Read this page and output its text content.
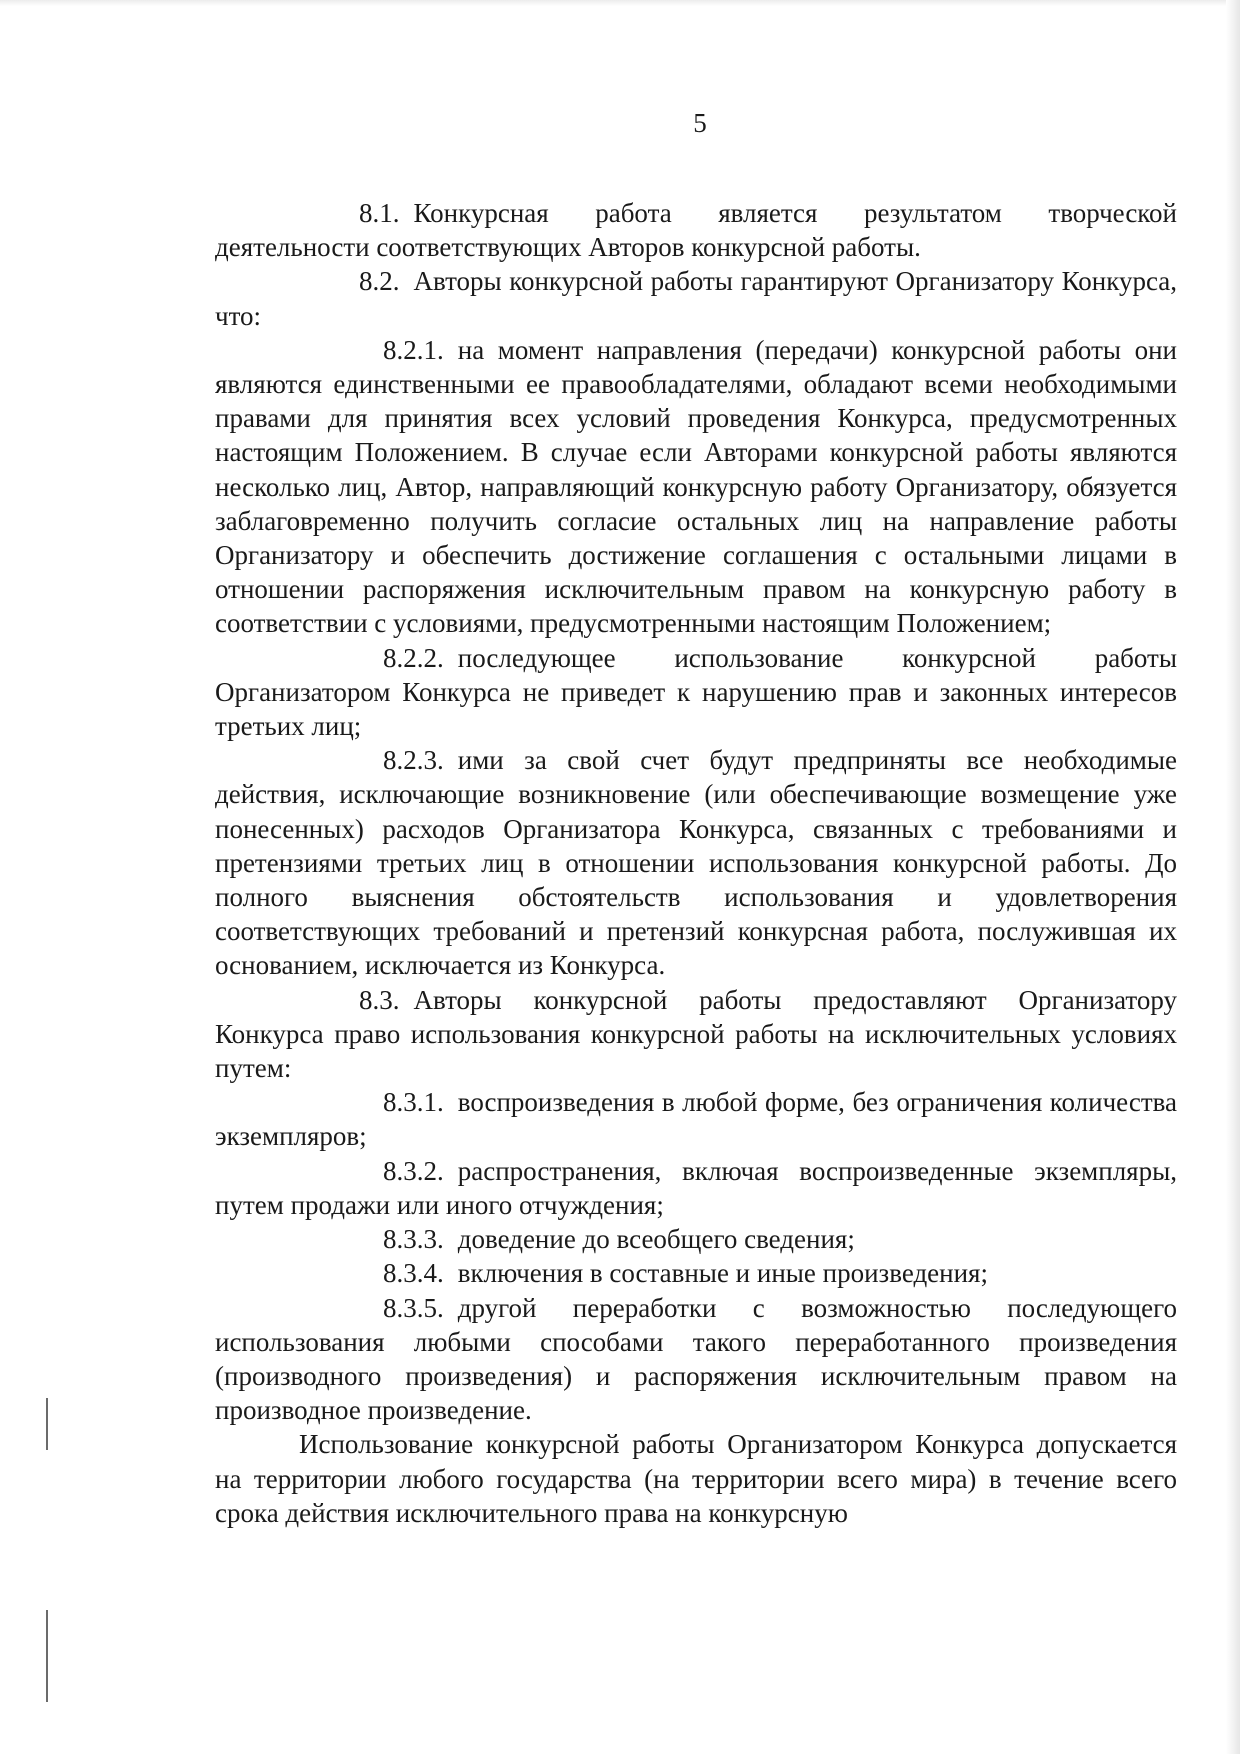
5

8.1. Конкурсная работа является результатом творческой деятельности соответствующих Авторов конкурсной работы.

8.2. Авторы конкурсной работы гарантируют Организатору Конкурса, что:

8.2.1. на момент направления (передачи) конкурсной работы они являются единственными ее правообладателями, обладают всеми необходимыми правами для принятия всех условий проведения Конкурса, предусмотренных настоящим Положением. В случае если Авторами конкурсной работы являются несколько лиц, Автор, направляющий конкурсную работу Организатору, обязуется заблаговременно получить согласие остальных лиц на направление работы Организатору и обеспечить достижение соглашения с остальными лицами в отношении распоряжения исключительным правом на конкурсную работу в соответствии с условиями, предусмотренными настоящим Положением;

8.2.2. последующее использование конкурсной работы Организатором Конкурса не приведет к нарушению прав и законных интересов третьих лиц;

8.2.3. ими за свой счет будут предприняты все необходимые действия, исключающие возникновение (или обеспечивающие возмещение уже понесенных) расходов Организатора Конкурса, связанных с требованиями и претензиями третьих лиц в отношении использования конкурсной работы. До полного выяснения обстоятельств использования и удовлетворения соответствующих требований и претензий конкурсная работа, послужившая их основанием, исключается из Конкурса.

8.3. Авторы конкурсной работы предоставляют Организатору Конкурса право использования конкурсной работы на исключительных условиях путем:

8.3.1. воспроизведения в любой форме, без ограничения количества экземпляров;

8.3.2. распространения, включая воспроизведенные экземпляры, путем продажи или иного отчуждения;

8.3.3. доведение до всеобщего сведения;

8.3.4. включения в составные и иные произведения;

8.3.5. другой переработки с возможностью последующего использования любыми способами такого переработанного произведения (производного произведения) и распоряжения исключительным правом на производное произведение.

Использование конкурсной работы Организатором Конкурса допускается на территории любого государства (на территории всего мира) в течение всего срока действия исключительного права на конкурсную
